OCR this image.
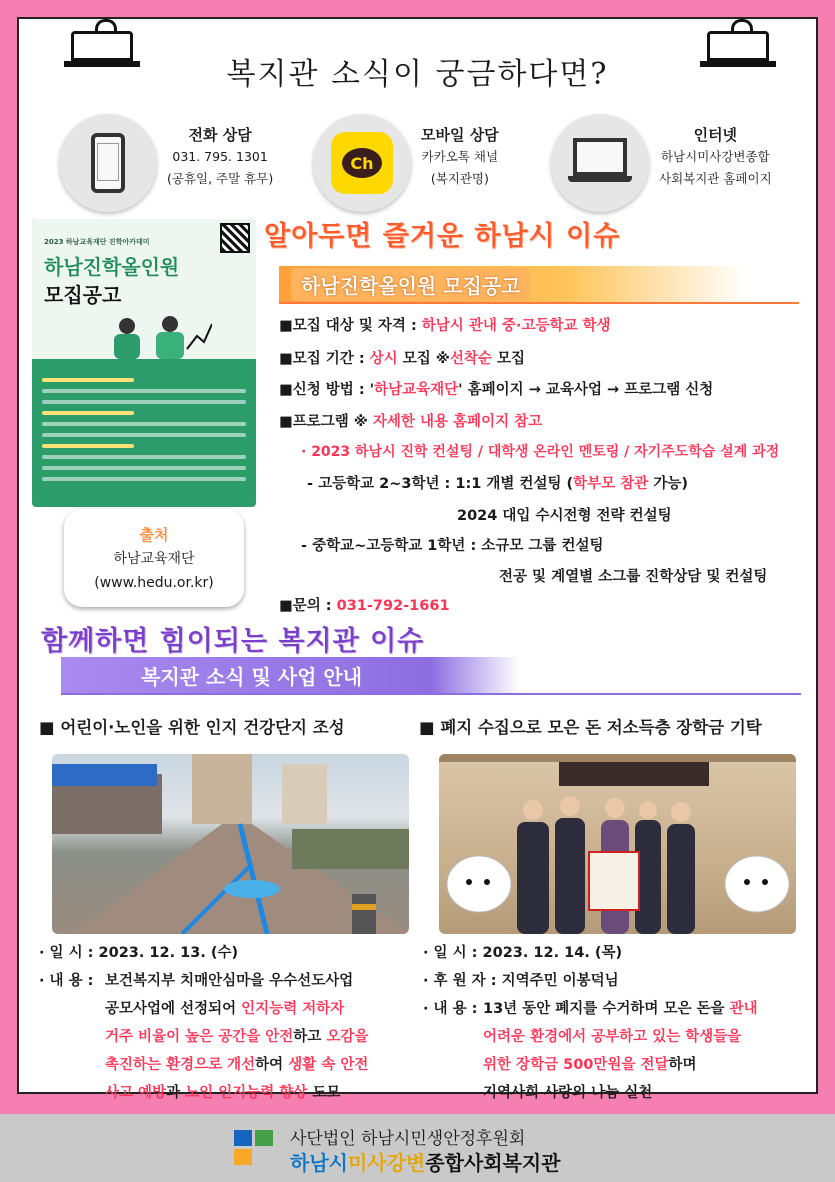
복지관 소식이 궁금하다면?
전화 상담
031. 795. 1301
(공휴일, 주말 휴무)
Ch
모바일 상담
카카오톡 채널
(복지관명)
인터넷
하남시미사강변종합
사회복지관 홈페이지
2023 하남교육재단 진학아카데미
하남진학올인원
모집공고
출처
하남교육재단
(www.hedu.or.kr)
알아두면 즐거운 하남시 이슈
하남진학올인원 모집공고
■모집 대상 및 자격 : 하남시 관내 중·고등학교 학생
■모집 기간 : 상시 모집 ※선착순 모집
■신청 방법 : '하남교육재단' 홈페이지 → 교육사업 → 프로그램 신청
■프로그램 ※ 자세한 내용 홈페이지 참고
· 2023 하남시 진학 컨설팅 / 대학생 온라인 멘토링 / 자기주도학습 설계 과정
- 고등학교 2~3학년 : 1:1 개별 컨설팅 (학부모 참관 가능)
2024 대입 수시전형 전략 컨설팅
- 중학교~고등학교 1학년 : 소규모 그룹 컨설팅
전공 및 계열별 소그룹 진학상담 및 컨설팅
■문의 : 031-792-1661
함께하면 힘이되는 복지관 이슈
복지관 소식 및 사업 안내
■ 어린이·노인을 위한 인지 건강단지 조성	■ 폐지 수집으로 모은 돈 저소득층 장학금 기탁
· 일 시 : 2023. 12. 13. (수)
· 내 용 : 보건복지부 치매안심마을 우수선도사업
공모사업에 선정되어 인지능력 저하자
거주 비율이 높은 공간을 안전하고 오감을
촉진하는 환경으로 개선하여 생활 속 안전
사고 예방과 노인 인지능력 향상 도모
· 일 시 : 2023. 12. 14. (목)
· 후 원 자 : 지역주민 이봉덕님
· 내 용 : 13년 동안 폐지를 수거하며 모은 돈을 관내
어려운 환경에서 공부하고 있는 학생들을
위한 장학금 500만원을 전달하며
지역사회 사랑의 나눔 실천
사단법인 하남시민생안정후원회
하남시미사강변종합사회복지관
